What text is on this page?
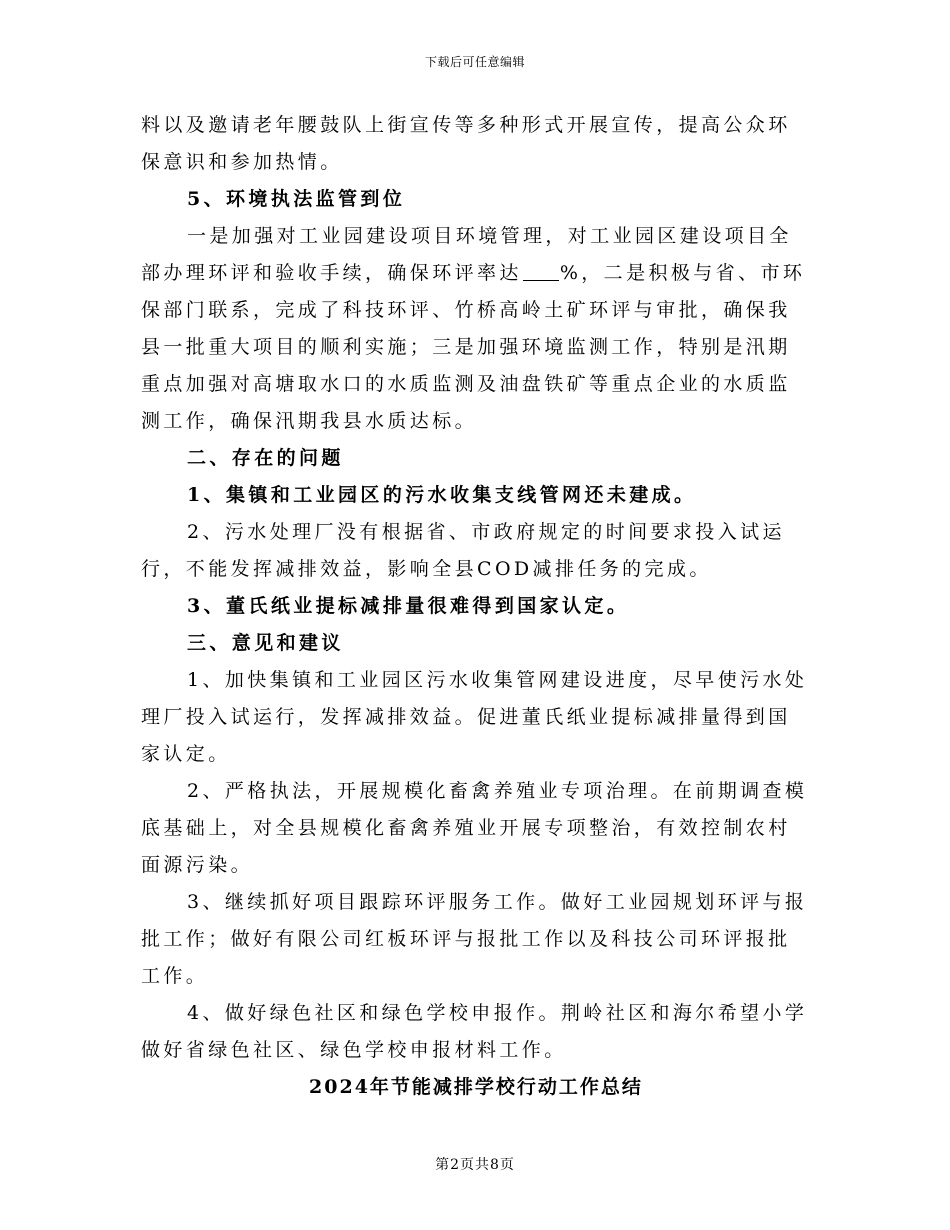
下载后可任意编辑

料以及邀请老年腰鼓队上街宣传等多种形式开展宣传，提高公众环保意识和参加热情。

5、环境执法监管到位

一是加强对工业园建设项目环境管理，对工业园区建设项目全部办理环评和验收手续，确保环评率达 %，二是积极与省、市环保部门联系，完成了科技环评、竹桥高岭土矿环评与审批，确保我县一批重大项目的顺利实施；三是加强环境监测工作，特别是汛期重点加强对高塘取水口的水质监测及油盘铁矿等重点企业的水质监测工作，确保汛期我县水质达标。

二、存在的问题

1、集镇和工业园区的污水收集支线管网还未建成。

2、污水处理厂没有根据省、市政府规定的时间要求投入试运行，不能发挥减排效益，影响全县COD减排任务的完成。

3、董氏纸业提标减排量很难得到国家认定。

三、意见和建议

1、加快集镇和工业园区污水收集管网建设进度，尽早使污水处理厂投入试运行，发挥减排效益。促进董氏纸业提标减排量得到国家认定。

2、严格执法，开展规模化畜禽养殖业专项治理。在前期调查模底基础上，对全县规模化畜禽养殖业开展专项整治，有效控制农村面源污染。

3、继续抓好项目跟踪环评服务工作。做好工业园规划环评与报批工作；做好有限公司红板环评与报批工作以及科技公司环评报批工作。

4、做好绿色社区和绿色学校申报作。荆岭社区和海尔希望小学做好省绿色社区、绿色学校申报材料工作。

2024年节能减排学校行动工作总结

第2页共8页
